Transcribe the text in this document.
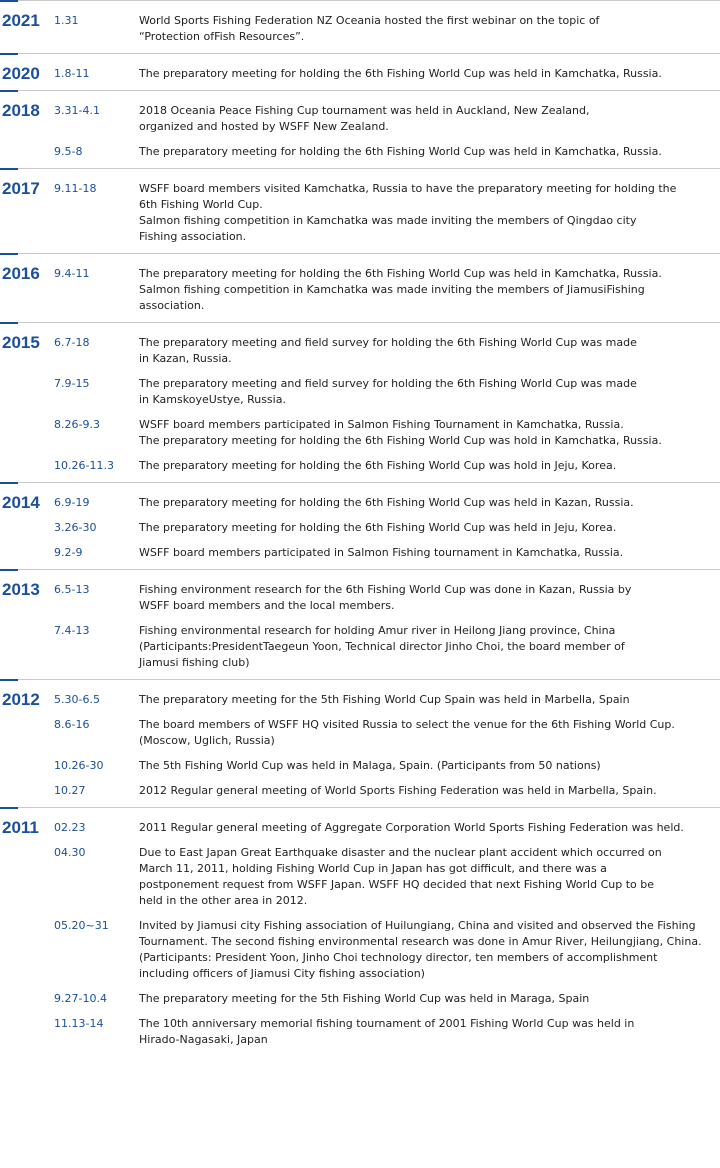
2021 1.31	World Sports Fishing Federation NZ Oceania hosted the first webinar on the topic of
“Protection ofFish Resources”.
2020 1.8-11	The preparatory meeting for holding the 6th Fishing World Cup was held in Kamchatka, Russia.
2018 3.31-4.1	2018 Oceania Peace Fishing Cup tournament was held in Auckland, New Zealand,
organized and hosted by WSFF New Zealand.
9.5-8	The preparatory meeting for holding the 6th Fishing World Cup was held in Kamchatka, Russia.
2017 9.11-18	WSFF board members visited Kamchatka, Russia to have the preparatory meeting for holding the
6th Fishing World Cup.
Salmon fishing competition in Kamchatka was made inviting the members of Qingdao city
Fishing association.
2016 9.4-11	The preparatory meeting for holding the 6th Fishing World Cup was held in Kamchatka, Russia.
Salmon fishing competition in Kamchatka was made inviting the members of JiamusiFishing
association.
2015 6.7-18	The preparatory meeting and field survey for holding the 6th Fishing World Cup was made
in Kazan, Russia.
7.9-15	The preparatory meeting and field survey for holding the 6th Fishing World Cup was made
in KamskoyeUstye, Russia.
8.26-9.3	WSFF board members participated in Salmon Fishing Tournament in Kamchatka, Russia.
The preparatory meeting for holding the 6th Fishing World Cup was hold in Kamchatka, Russia.
10.26-11.3	The preparatory meeting for holding the 6th Fishing World Cup was hold in Jeju, Korea.
2014 6.9-19	The preparatory meeting for holding the 6th Fishing World Cup was held in Kazan, Russia.
3.26-30	The preparatory meeting for holding the 6th Fishing World Cup was held in Jeju, Korea.
9.2-9	WSFF board members participated in Salmon Fishing tournament in Kamchatka, Russia.
2013 6.5-13	Fishing environment research for the 6th Fishing World Cup was done in Kazan, Russia by
WSFF board members and the local members.
7.4-13	Fishing environmental research for holding Amur river in Heilong Jiang province, China
(Participants:PresidentTaegeun Yoon, Technical director Jinho Choi, the board member of
Jiamusi fishing club)
2012 5.30-6.5	The preparatory meeting for the 5th Fishing World Cup Spain was held in Marbella, Spain
8.6-16	The board members of WSFF HQ visited Russia to select the venue for the 6th Fishing World Cup.
(Moscow, Uglich, Russia)
10.26-30	The 5th Fishing World Cup was held in Malaga, Spain. (Participants from 50 nations)
10.27	2012 Regular general meeting of World Sports Fishing Federation was held in Marbella, Spain.
2011 02.23	2011 Regular general meeting of Aggregate Corporation World Sports Fishing Federation was held.
04.30	Due to East Japan Great Earthquake disaster and the nuclear plant accident which occurred on
March 11, 2011, holding Fishing World Cup in Japan has got difficult, and there was a
postponement request from WSFF Japan. WSFF HQ decided that next Fishing World Cup to be
held in the other area in 2012.
05.20~31	Invited by Jiamusi city Fishing association of Huilungiang, China and visited and observed the Fishing
Tournament. The second fishing environmental research was done in Amur River, Heilungjiang, China.
(Participants: President Yoon, Jinho Choi technology director, ten members of accomplishment
including officers of Jiamusi City fishing association)
9.27-10.4	The preparatory meeting for the 5th Fishing World Cup was held in Maraga, Spain
11.13-14	The 10th anniversary memorial fishing tournament of 2001 Fishing World Cup was held in
Hirado-Nagasaki, Japan
